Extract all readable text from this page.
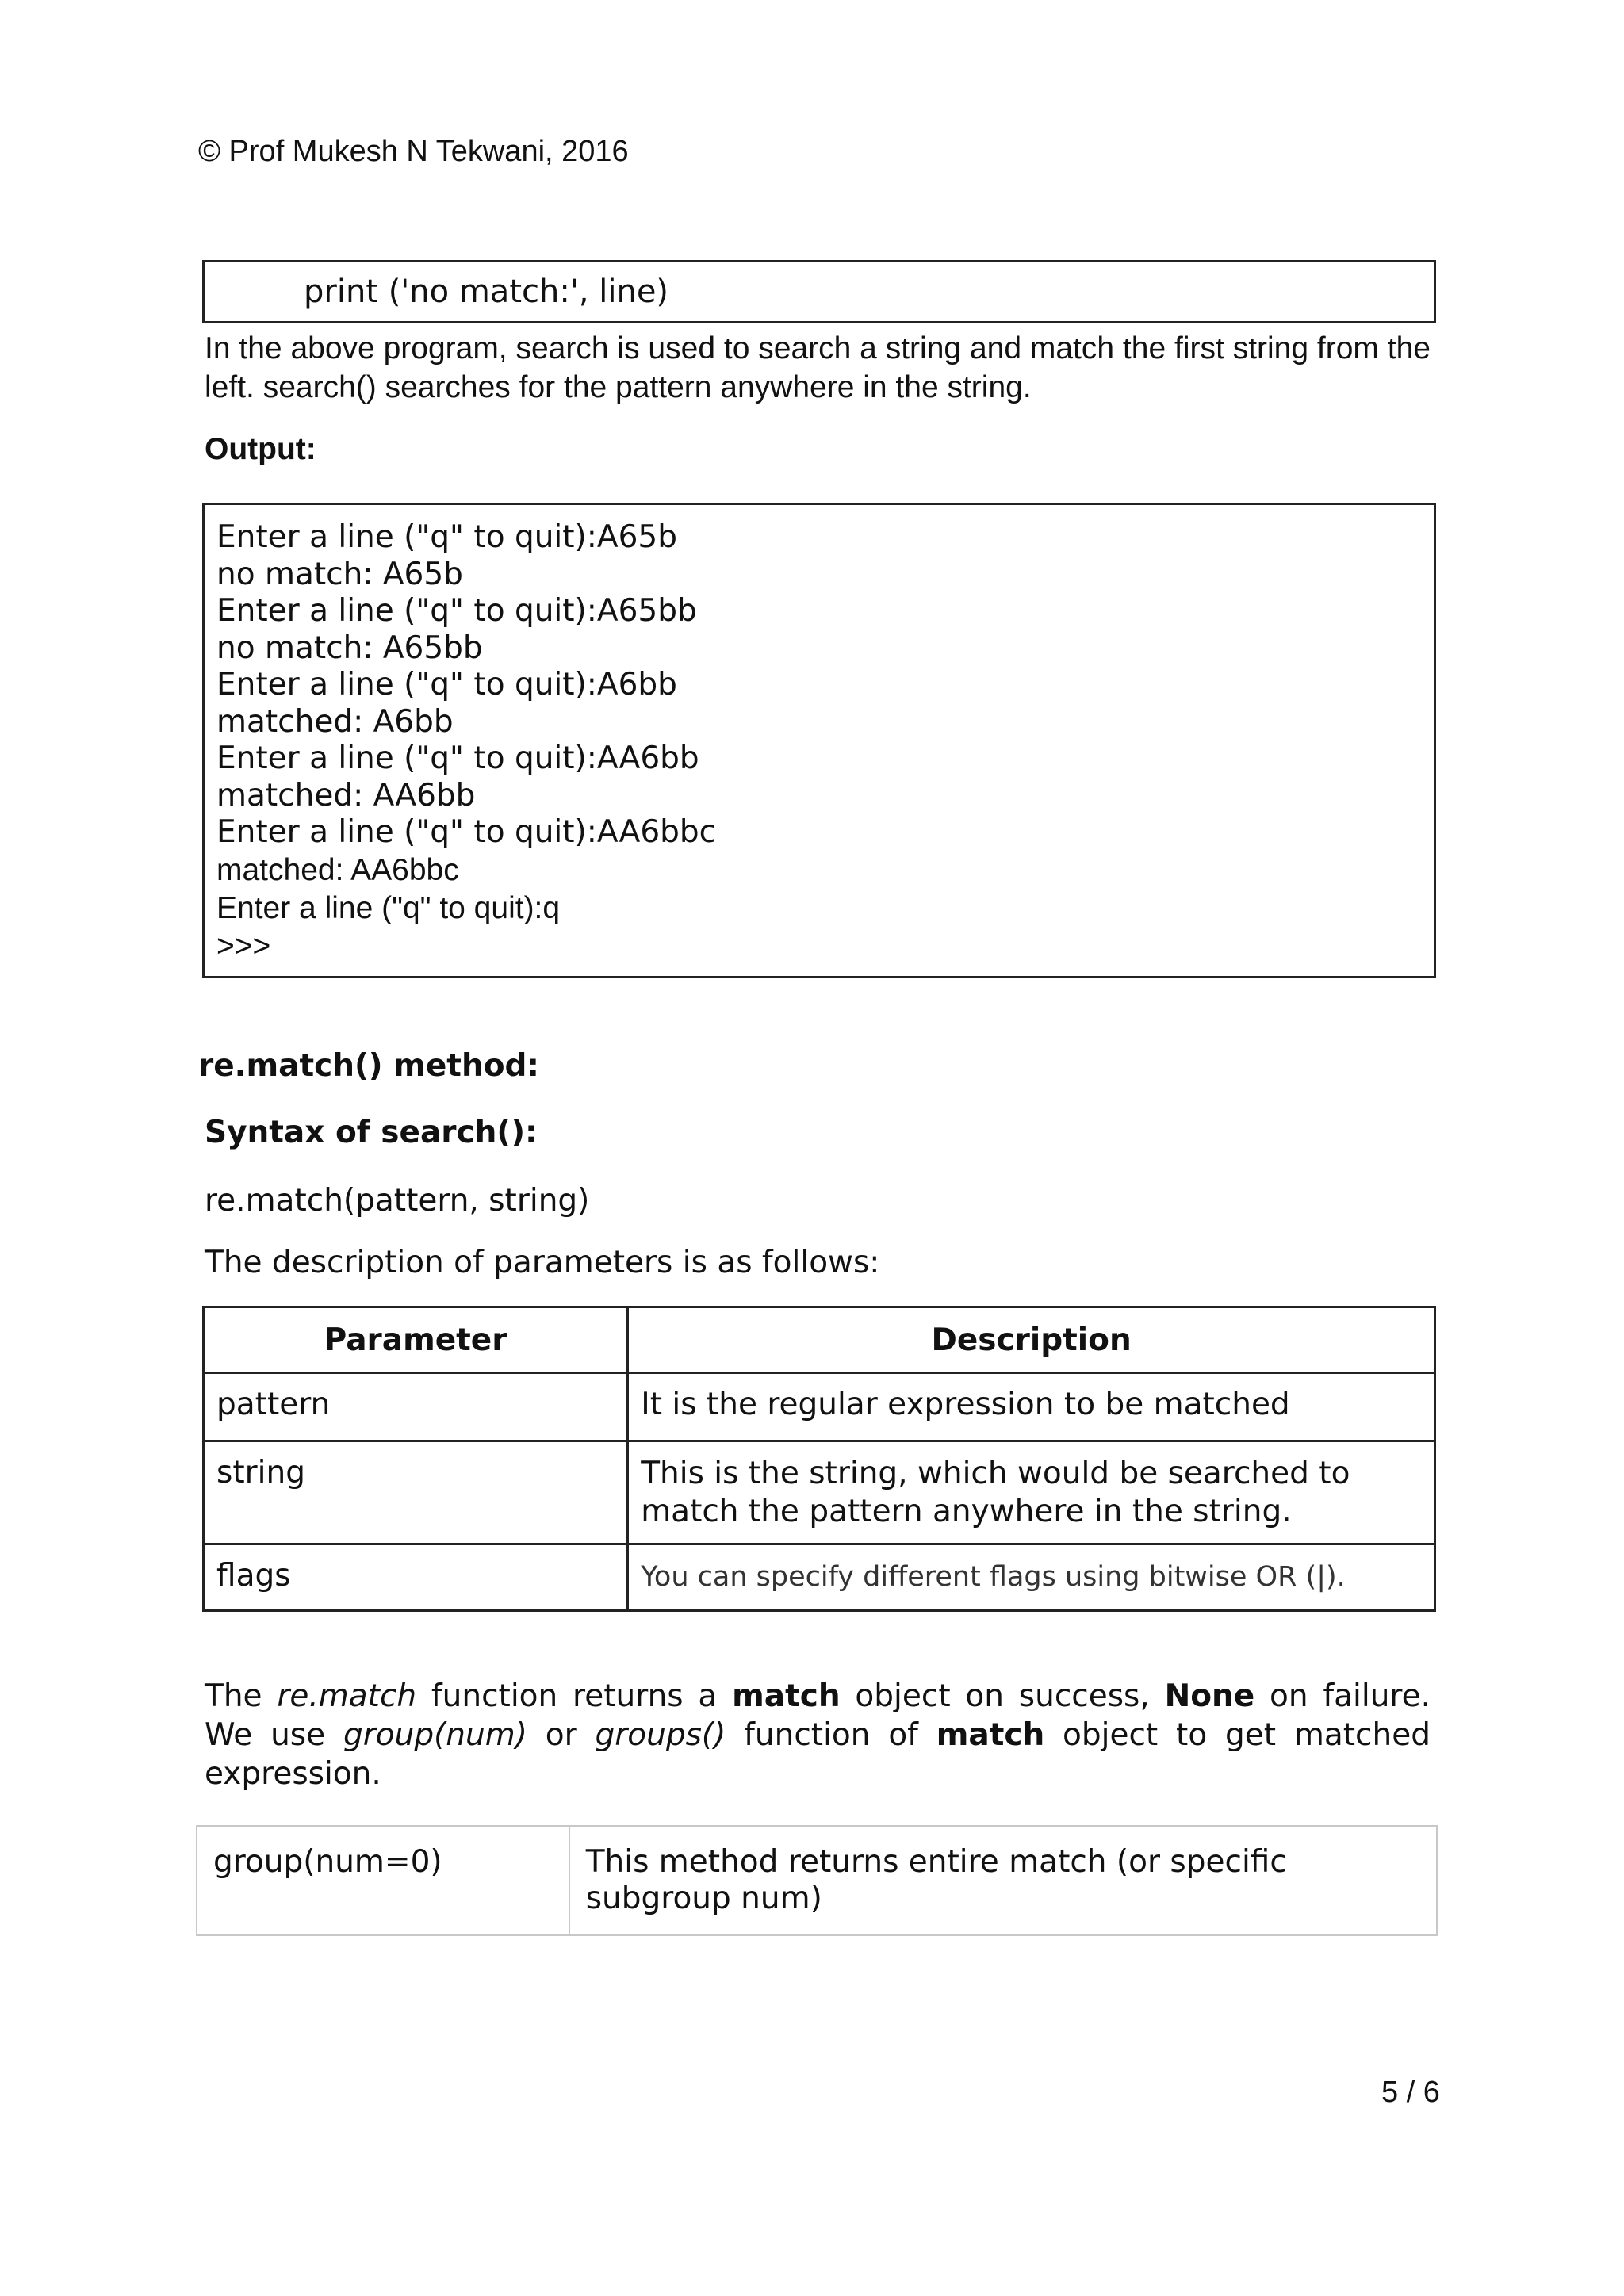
© Prof Mukesh N Tekwani, 2016
print ('no match:', line)
In the above program, search is used to search a string and match the first string from the left. search() searches for the pattern anywhere in the string.
Output:
Enter a line ("q" to quit):A65b
no match: A65b
Enter a line ("q" to quit):A65bb
no match: A65bb
Enter a line ("q" to quit):A6bb
matched: A6bb
Enter a line ("q" to quit):AA6bb
matched: AA6bb
Enter a line ("q" to quit):AA6bbc
matched: AA6bbc
Enter a line ("q" to quit):q
>>>
re.match() method:
Syntax of search():
re.match(pattern, string)
The description of parameters is as follows:
Parameter	Description
pattern	It is the regular expression to be matched
string	This is the string, which would be searched to match the pattern anywhere in the string.
flags	You can specify different flags using bitwise OR (|).
The re.match function returns a match object on success, None on failure. We use group(num) or groups() function of match object to get matched expression.
group(num=0)	This method returns entire match (or specific subgroup num)
5 / 6
